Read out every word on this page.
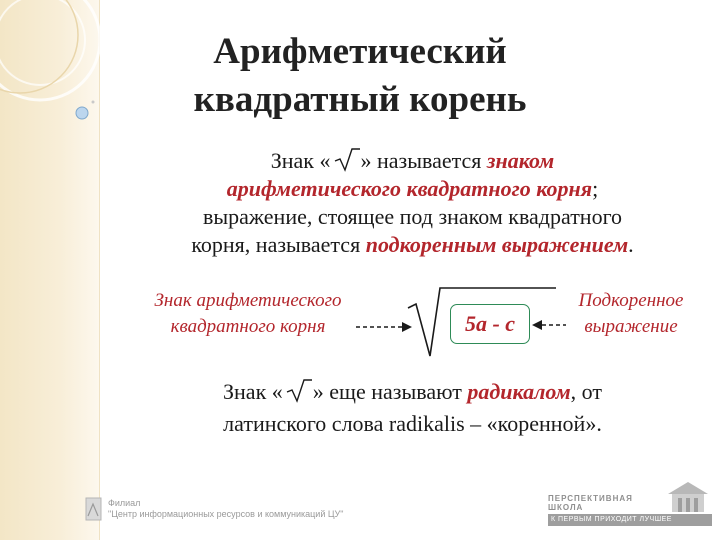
Арифметический
квадратный корень
Знак « » называется знаком
арифметического квадратного корня;
выражение, стоящее под знаком квадратного
корня, называется подкоренным выражением.
Знак арифметического
квадратного корня	5a - c
Подкоренное
выражение
Знак « » еще называют радикалом, от
латинского слова radikalis – «коренной».
Филиал
"Центр информационных ресурсов и коммуникаций ЦУ"
ПЕРСПЕКТИВНАЯ ШКОЛА
К ПЕРВЫМ ПРИХОДИТ ЛУЧШЕЕ
